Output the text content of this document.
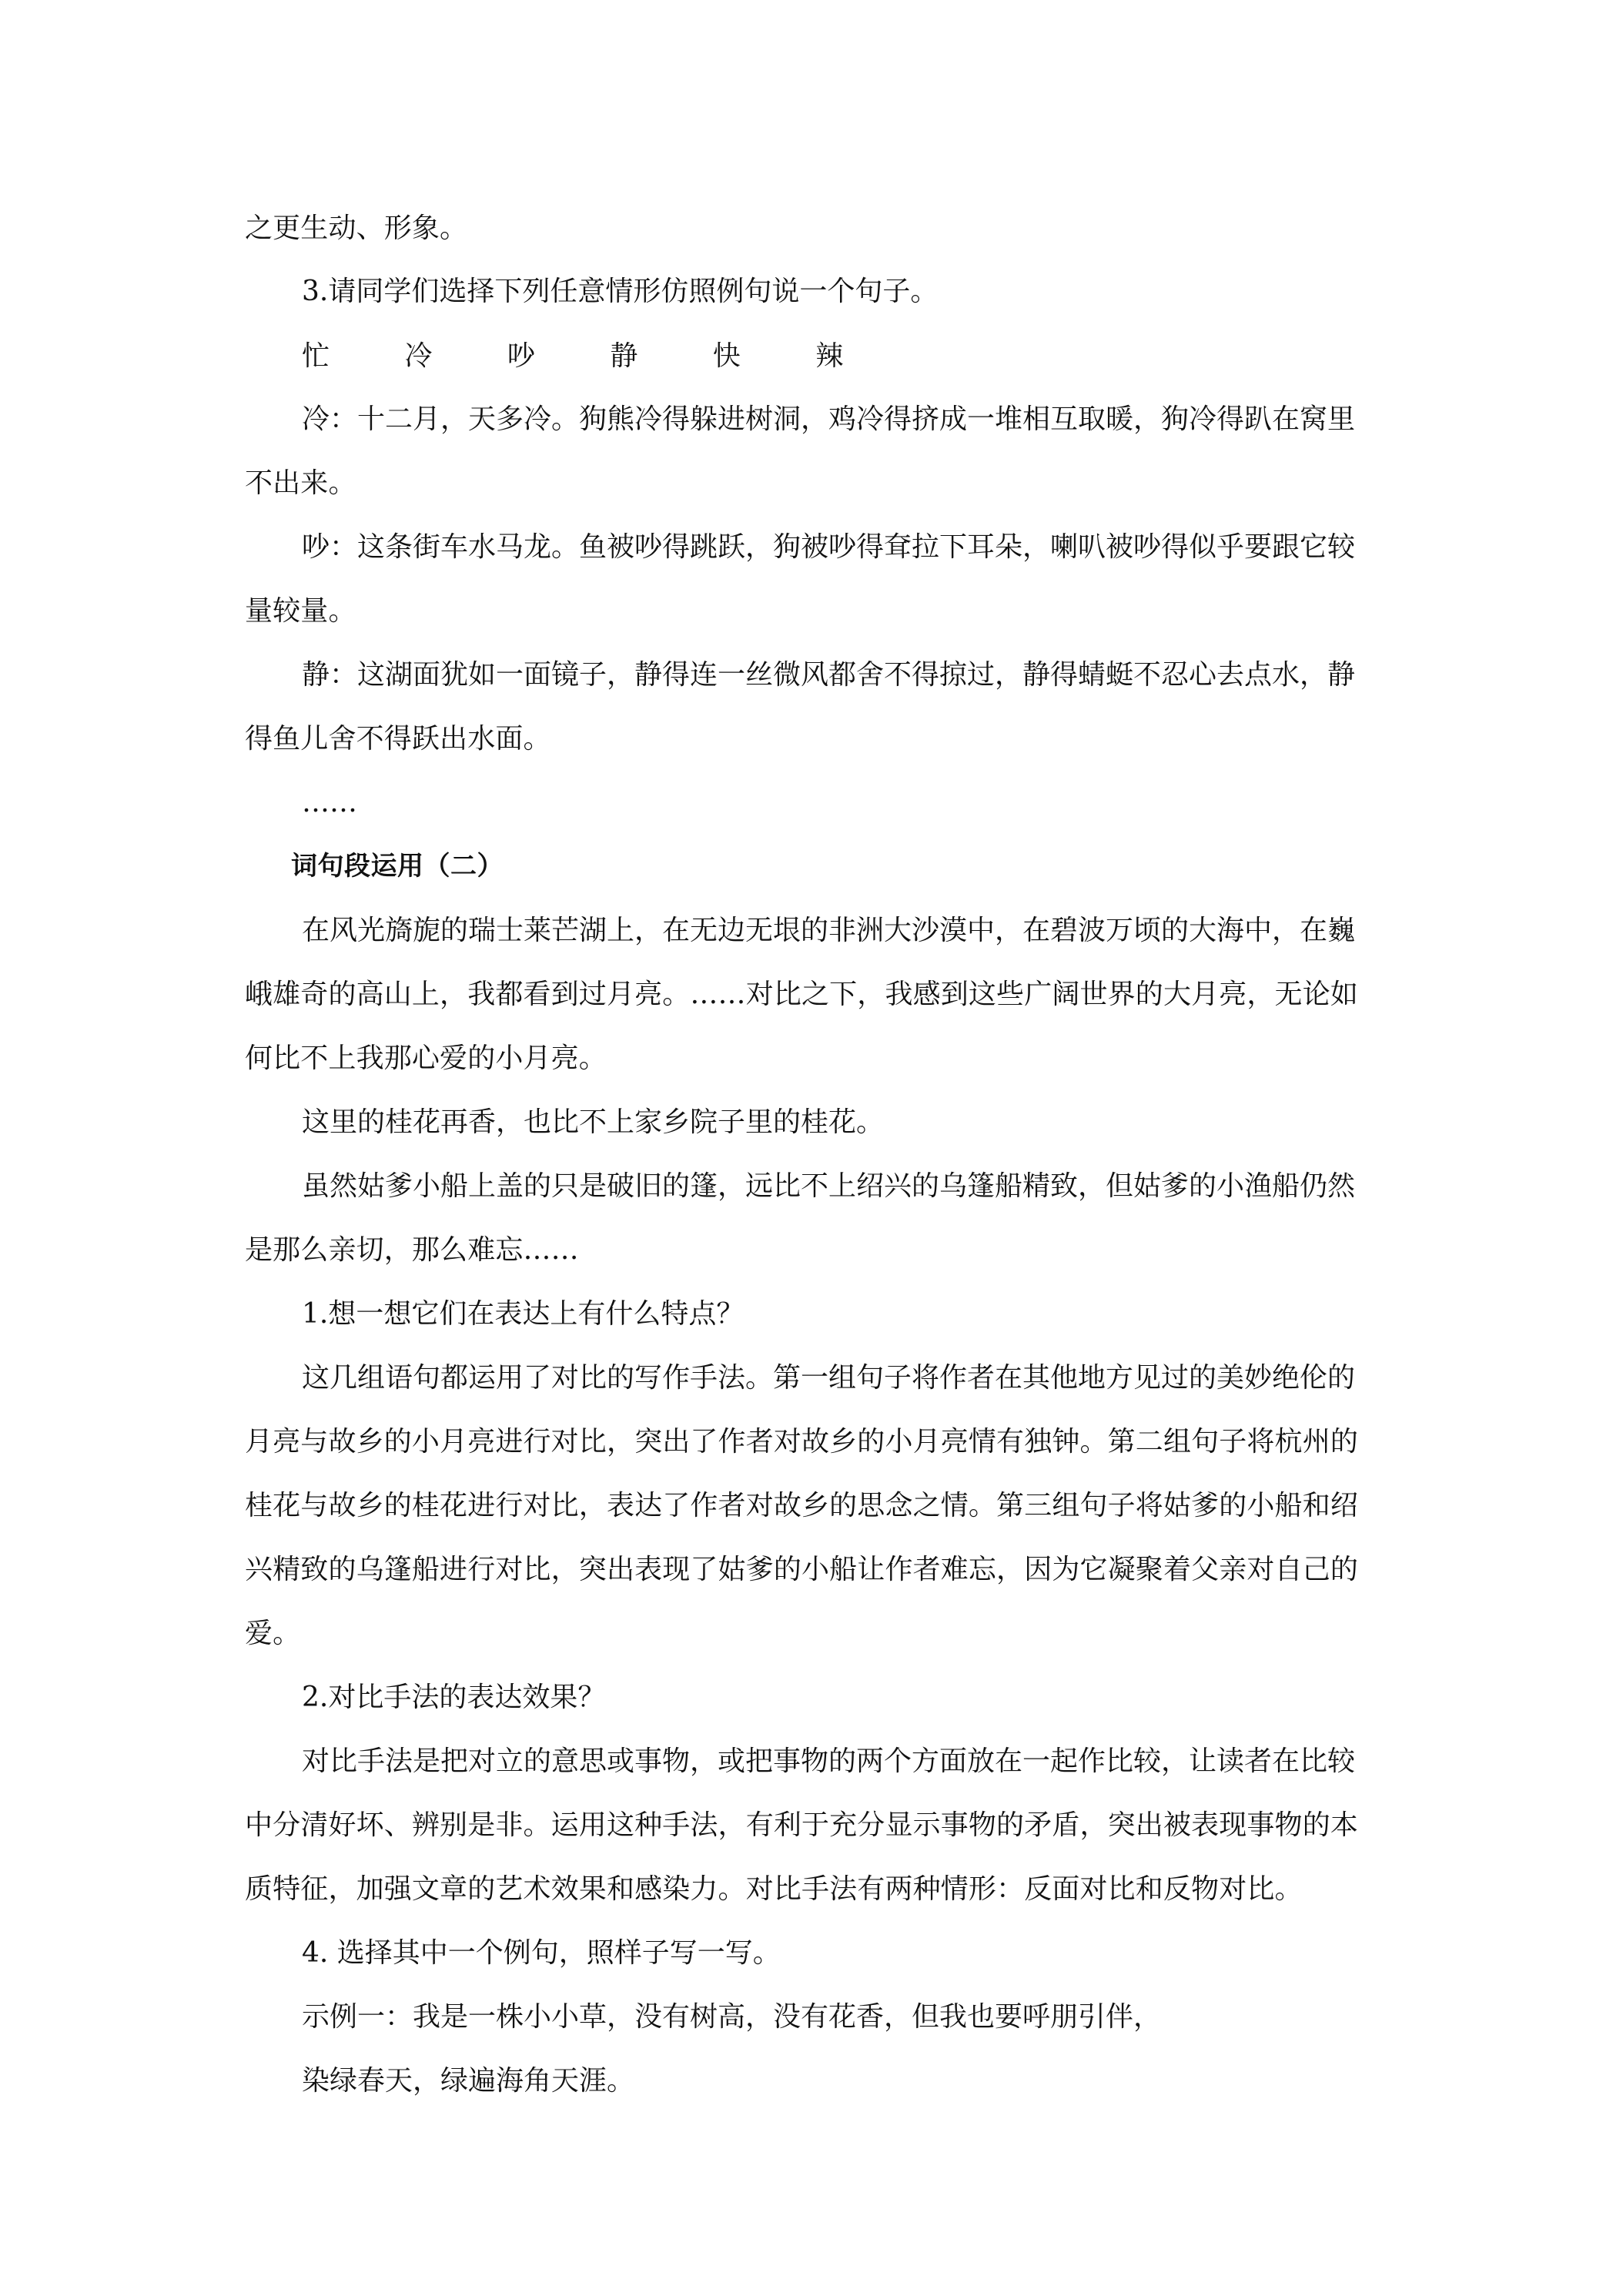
之更生动、形象。
3.请同学们选择下列任意情形仿照例句说一个句子。
忙 冷 吵 静 快 辣
冷：十二月，天多冷。狗熊冷得躲进树洞，鸡冷得挤成一堆相互取暖，狗冷得趴在窝里
不出来。
吵：这条街车水马龙。鱼被吵得跳跃，狗被吵得耷拉下耳朵，喇叭被吵得似乎要跟它较
量较量。
静：这湖面犹如一面镜子，静得连一丝微风都舍不得掠过，静得蜻蜓不忍心去点水，静
得鱼儿舍不得跃出水面。
……
词句段运用（二）
在风光旖旎的瑞士莱芒湖上，在无边无垠的非洲大沙漠中，在碧波万顷的大海中，在巍
峨雄奇的高山上，我都看到过月亮。……对比之下，我感到这些广阔世界的大月亮，无论如
何比不上我那心爱的小月亮。
这里的桂花再香，也比不上家乡院子里的桂花。
虽然姑爹小船上盖的只是破旧的篷，远比不上绍兴的乌篷船精致，但姑爹的小渔船仍然
是那么亲切，那么难忘……
1.想一想它们在表达上有什么特点？
这几组语句都运用了对比的写作手法。第一组句子将作者在其他地方见过的美妙绝伦的
月亮与故乡的小月亮进行对比，突出了作者对故乡的小月亮情有独钟。第二组句子将杭州的
桂花与故乡的桂花进行对比，表达了作者对故乡的思念之情。第三组句子将姑爹的小船和绍
兴精致的乌篷船进行对比，突出表现了姑爹的小船让作者难忘，因为它凝聚着父亲对自己的
爱。
2.对比手法的表达效果？
对比手法是把对立的意思或事物，或把事物的两个方面放在一起作比较，让读者在比较
中分清好坏、辨别是非。运用这种手法，有利于充分显示事物的矛盾，突出被表现事物的本
质特征，加强文章的艺术效果和感染力。对比手法有两种情形：反面对比和反物对比。
4. 选择其中一个例句，照样子写一写。
示例一：我是一株小小草，没有树高，没有花香，但我也要呼朋引伴，
染绿春天，绿遍海角天涯。
